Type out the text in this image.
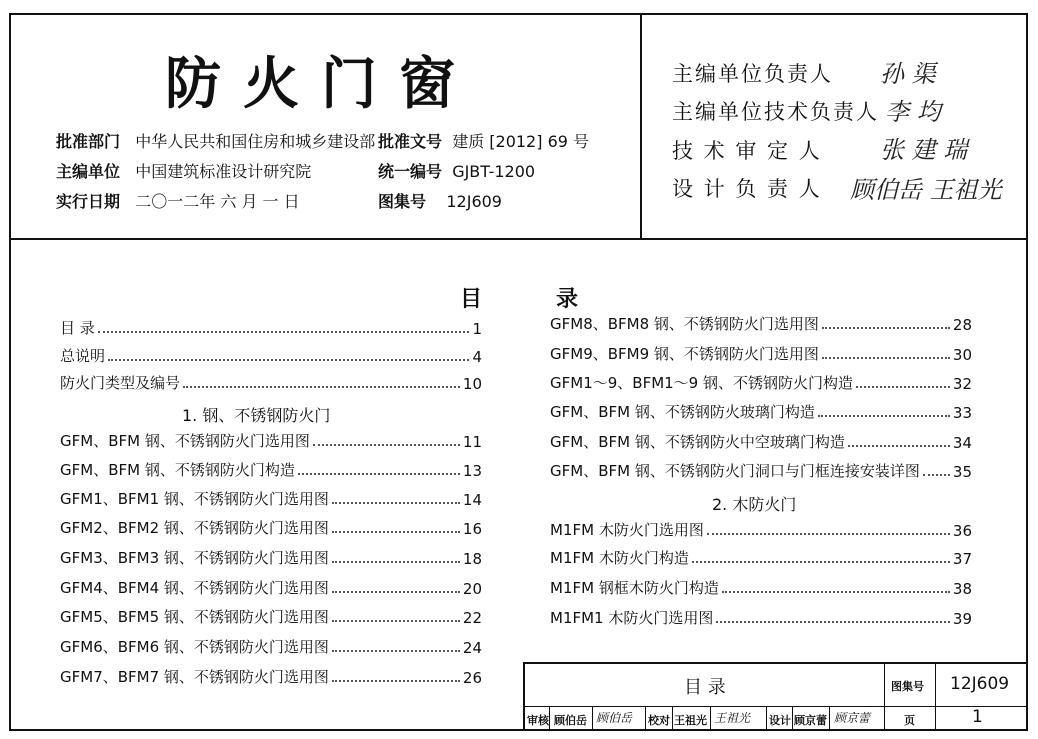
防火门窗
批准部门 中华人民共和国住房和城乡建设部
主编单位 中国建筑标准设计研究院
实行日期 二〇一二年 六 月 一 日
批准文号 建质 [2012] 69 号
统一编号 GJBT-1200
图集号 12J609
主编单位负责人 孙 渠
主编单位技术负责人 李 均
技 术 审 定 人 张 建 瑞
设 计 负 责 人 顾伯岳 王祖光
目	录
目 录	1
总说明	4
防火门类型及编号	10
1. 钢、不锈钢防火门
GFM、BFM 钢、不锈钢防火门选用图	11
GFM、BFM 钢、不锈钢防火门构造	13
GFM1、BFM1 钢、不锈钢防火门选用图	14
GFM2、BFM2 钢、不锈钢防火门选用图	16
GFM3、BFM3 钢、不锈钢防火门选用图	18
GFM4、BFM4 钢、不锈钢防火门选用图	20
GFM5、BFM5 钢、不锈钢防火门选用图	22
GFM6、BFM6 钢、不锈钢防火门选用图	24
GFM7、BFM7 钢、不锈钢防火门选用图	26
GFM8、BFM8 钢、不锈钢防火门选用图	28
GFM9、BFM9 钢、不锈钢防火门选用图	30
GFM1～9、BFM1～9 钢、不锈钢防火门构造	32
GFM、BFM 钢、不锈钢防火玻璃门构造	33
GFM、BFM 钢、不锈钢防火中空玻璃门构造	34
GFM、BFM 钢、不锈钢防火门洞口与门框连接安装详图 35
2. 木防火门
M1FM 木防火门选用图	36
M1FM 木防火门构造	37
M1FM 钢框木防火门构造	38
M1FM1 木防火门选用图	39
目 录	图集号 12J609
审核 顾伯岳 顾伯岳 校对 王祖光 王祖光 设计 顾京蕾 顾京蕾	页	1
